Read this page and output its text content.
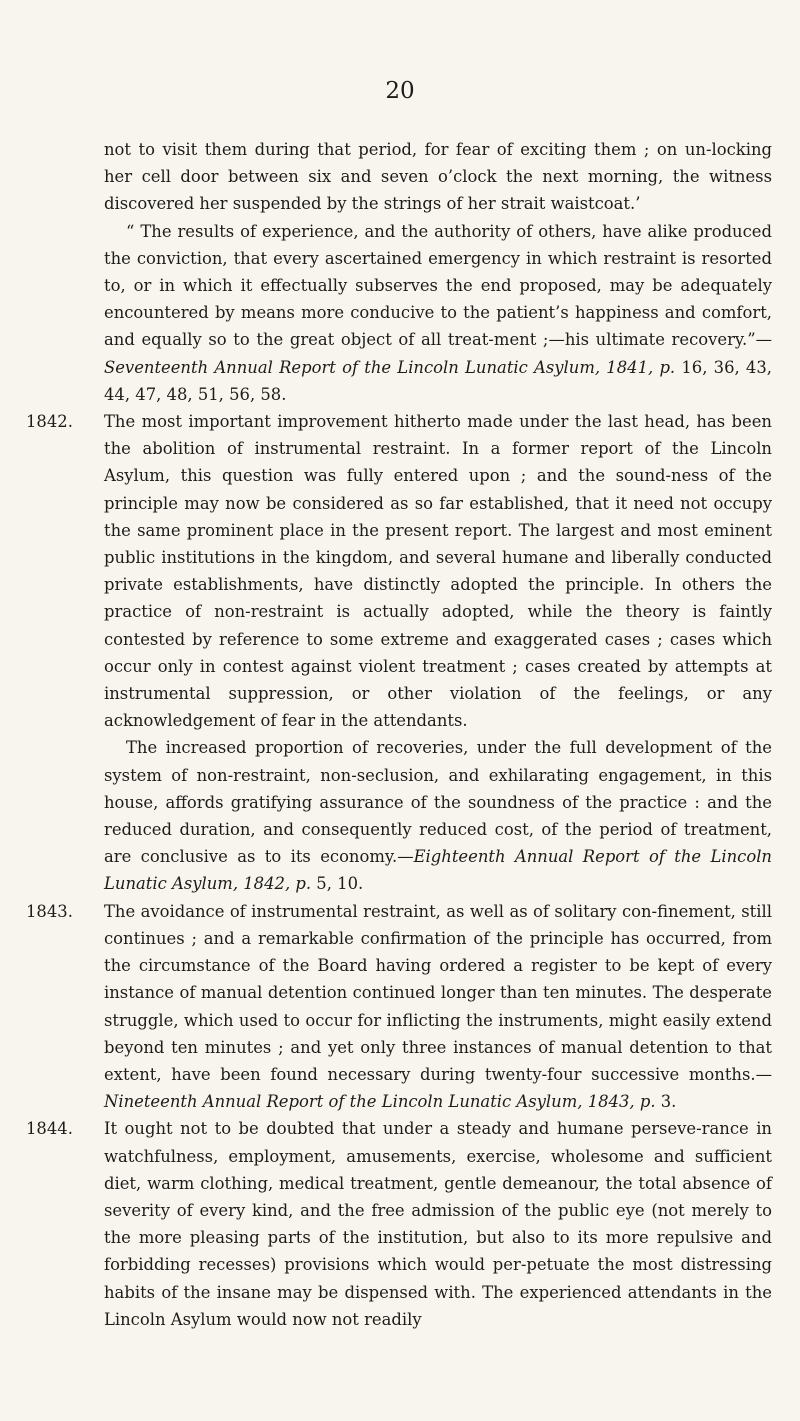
20

not to visit them during that period, for fear of exciting them ; on un-locking her cell door between six and seven o’clock the next morning, the witness discovered her suspended by the strings of her strait waistcoat.’

“ The results of experience, and the authority of others, have alike produced the conviction, that every ascertained emergency in which restraint is resorted to, or in which it effectually subserves the end proposed, may be adequately encountered by means more conducive to the patient’s happiness and comfort, and equally so to the great object of all treat-ment ;—his ultimate recovery.”—Seventeenth Annual Report of the Lincoln Lunatic Asylum, 1841, p. 16, 36, 43, 44, 47, 48, 51, 56, 58.

1842.	The most important improvement hitherto made under the last head, has been the abolition of instrumental restraint. In a former report of the Lincoln Asylum, this question was fully entered upon ; and the sound-ness of the principle may now be considered as so far established, that it need not occupy the same prominent place in the present report. The largest and most eminent public institutions in the kingdom, and several humane and liberally conducted private establishments, have distinctly adopted the principle. In others the practice of non-restraint is actually adopted, while the theory is faintly contested by reference to some extreme and exaggerated cases ; cases which occur only in contest against violent treatment ; cases created by attempts at instrumental suppression, or other violation of the feelings, or any acknowledgement of fear in the attendants.

The increased proportion of recoveries, under the full development of the system of non-restraint, non-seclusion, and exhilarating engagement, in this house, affords gratifying assurance of the soundness of the practice : and the reduced duration, and consequently reduced cost, of the period of treatment, are conclusive as to its economy.—Eighteenth Annual Report of the Lincoln Lunatic Asylum, 1842, p. 5, 10.

1843.	The avoidance of instrumental restraint, as well as of solitary con-finement, still continues ; and a remarkable confirmation of the principle has occurred, from the circumstance of the Board having ordered a register to be kept of every instance of manual detention continued longer than ten minutes. The desperate struggle, which used to occur for inflicting the instruments, might easily extend beyond ten minutes ; and yet only three instances of manual detention to that extent, have been found necessary during twenty-four successive months.—Nineteenth Annual Report of the Lincoln Lunatic Asylum, 1843, p. 3.

1844.	It ought not to be doubted that under a steady and humane perseve-rance in watchfulness, employment, amusements, exercise, wholesome and sufficient diet, warm clothing, medical treatment, gentle demeanour, the total absence of severity of every kind, and the free admission of the public eye (not merely to the more pleasing parts of the institution, but also to its more repulsive and forbidding recesses) provisions which would per-petuate the most distressing habits of the insane may be dispensed with. The experienced attendants in the Lincoln Asylum would now not readily
